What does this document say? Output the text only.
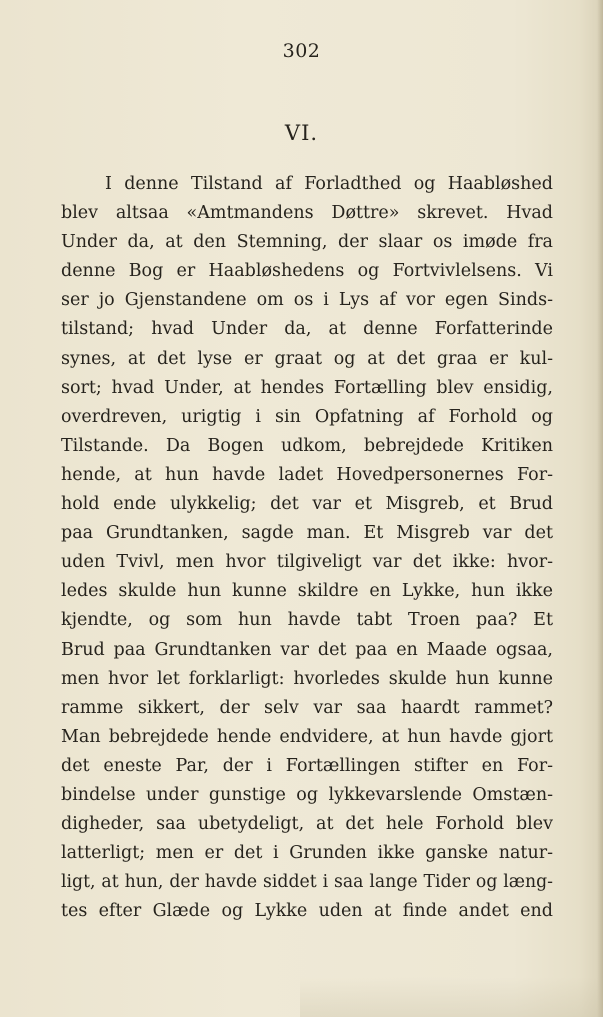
302
VI.
I denne Tilstand af Forladthed og Haabløshed
blev altsaa «Amtmandens Døttre» skrevet. Hvad
Under da, at den Stemning, der slaar os imøde fra
denne Bog er Haabløshedens og Fortvivlelsens. Vi
ser jo Gjenstandene om os i Lys af vor egen Sinds-
tilstand; hvad Under da, at denne Forfatterinde
synes, at det lyse er graat og at det graa er kul-
sort; hvad Under, at hendes Fortælling blev ensidig,
overdreven, urigtig i sin Opfatning af Forhold og
Tilstande. Da Bogen udkom, bebrejdede Kritiken
hende, at hun havde ladet Hovedpersonernes For-
hold ende ulykkelig; det var et Misgreb, et Brud
paa Grundtanken, sagde man. Et Misgreb var det
uden Tvivl, men hvor tilgiveligt var det ikke: hvor-
ledes skulde hun kunne skildre en Lykke, hun ikke
kjendte, og som hun havde tabt Troen paa? Et
Brud paa Grundtanken var det paa en Maade ogsaa,
men hvor let forklarligt: hvorledes skulde hun kunne
ramme sikkert, der selv var saa haardt rammet?
Man bebrejdede hende endvidere, at hun havde gjort
det eneste Par, der i Fortællingen stifter en For-
bindelse under gunstige og lykkevarslende Omstæn-
digheder, saa ubetydeligt, at det hele Forhold blev
latterligt; men er det i Grunden ikke ganske natur-
ligt, at hun, der havde siddet i saa lange Tider og læng-
tes efter Glæde og Lykke uden at finde andet end
